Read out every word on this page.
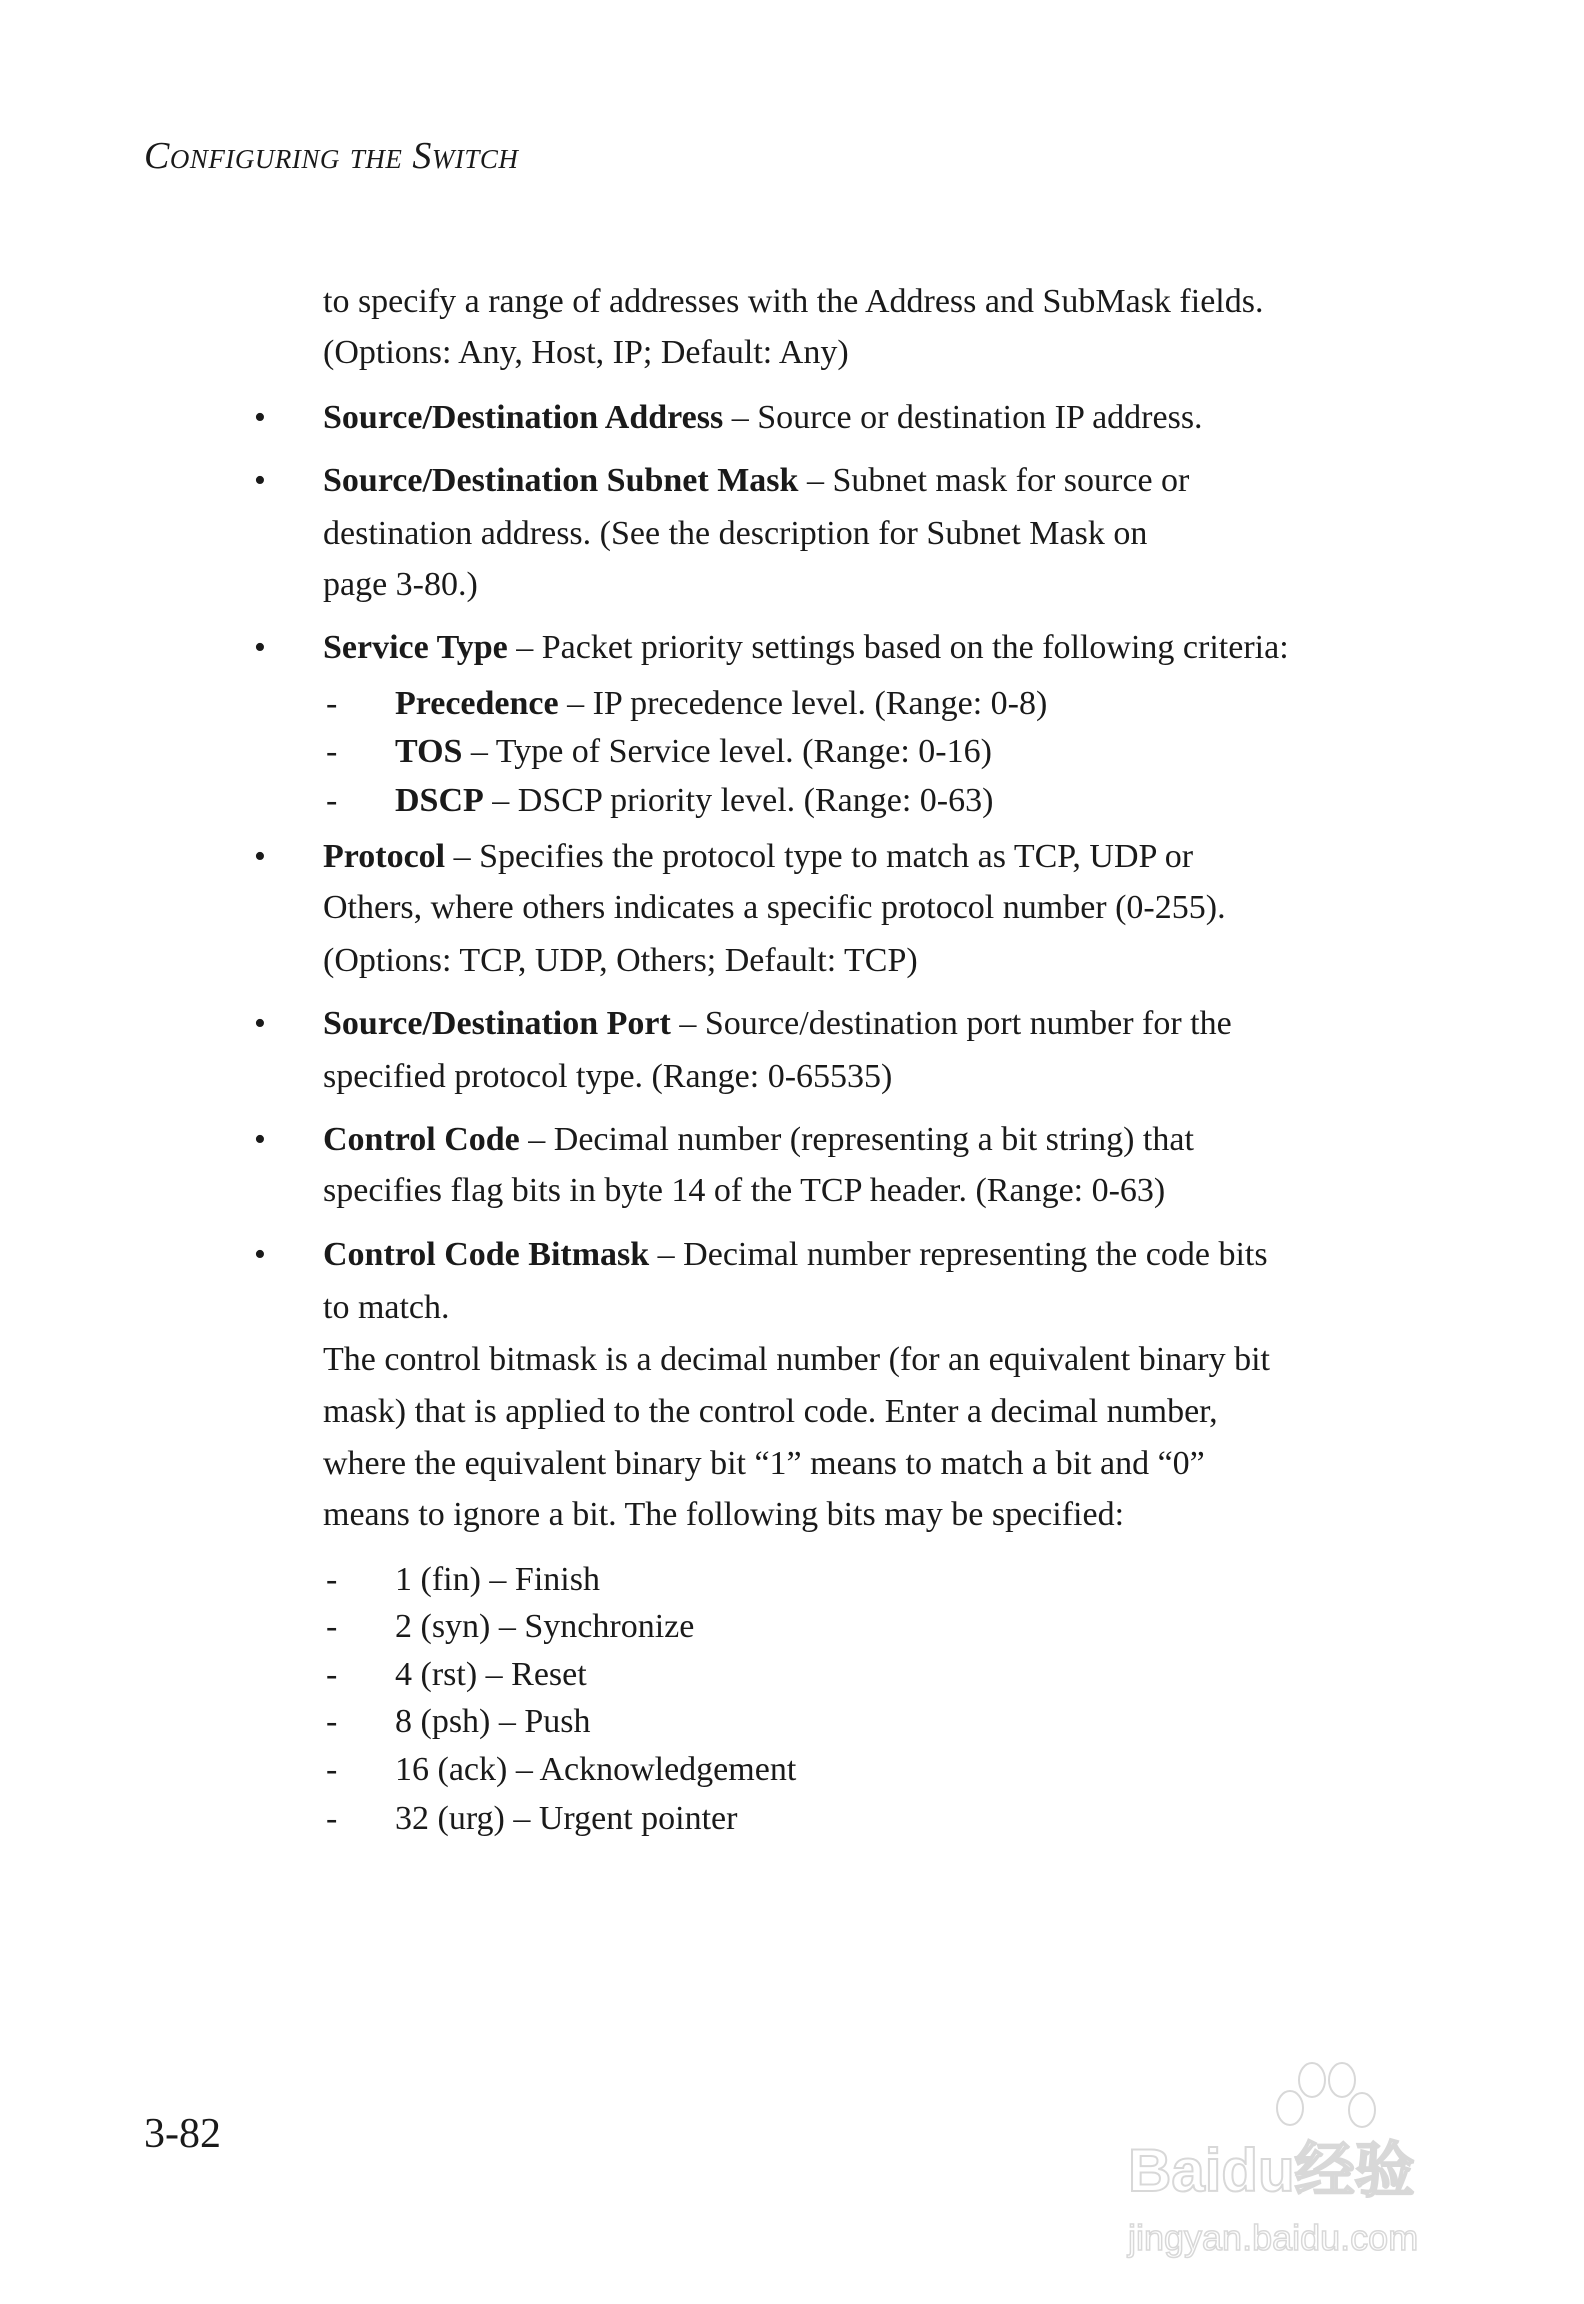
Configuring the Switch
to specify a range of addresses with the Address and SubMask fields.
(Options: Any, Host, IP; Default: Any)
• Source/Destination Address – Source or destination IP address.
• Source/Destination Subnet Mask – Subnet mask for source or
destination address. (See the description for Subnet Mask on
page 3-80.)
• Service Type – Packet priority settings based on the following criteria:
- Precedence – IP precedence level. (Range: 0-8)
- TOS – Type of Service level. (Range: 0-16)
- DSCP – DSCP priority level. (Range: 0-63)
• Protocol – Specifies the protocol type to match as TCP, UDP or
Others, where others indicates a specific protocol number (0-255).
(Options: TCP, UDP, Others; Default: TCP)
• Source/Destination Port – Source/destination port number for the
specified protocol type. (Range: 0-65535)
• Control Code – Decimal number (representing a bit string) that
specifies flag bits in byte 14 of the TCP header. (Range: 0-63)
• Control Code Bitmask – Decimal number representing the code bits
to match.
The control bitmask is a decimal number (for an equivalent binary bit
mask) that is applied to the control code. Enter a decimal number,
where the equivalent binary bit “1” means to match a bit and “0”
means to ignore a bit. The following bits may be specified:
- 1 (fin) – Finish
- 2 (syn) – Synchronize
- 4 (rst) – Reset
- 8 (psh) – Push
- 16 (ack) – Acknowledgement
- 32 (urg) – Urgent pointer
3-82
Baidu经验
jingyan.baidu.com
